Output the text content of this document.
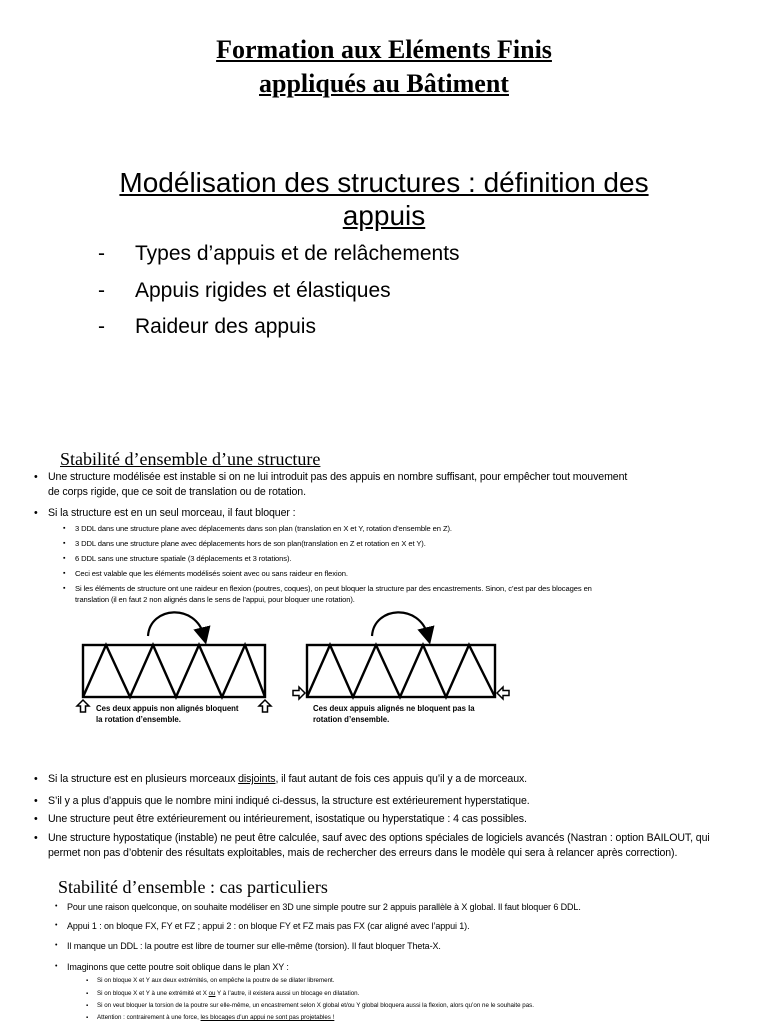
Formation aux Eléments Finis
appliqués au Bâtiment
Modélisation des structures : définition des
appuis
- Types d’appuis et de relâchements
- Appuis rigides et élastiques
- Raideur des appuis
Stabilité d’ensemble d’une structure
• Une structure modélisée est instable si on ne lui introduit pas des appuis en nombre suffisant, pour empêcher tout mouvement
de corps rigide, que ce soit de translation ou de rotation.
• Si la structure est en un seul morceau, il faut bloquer :
▪ 3 DDL dans une structure plane avec déplacements dans son plan (translation en X et Y, rotation d’ensemble en Z).
▪ 3 DDL dans une structure plane avec déplacements hors de son plan(translation en Z et rotation en X et Y).
▪ 6 DDL sans une structure spatiale (3 déplacements et 3 rotations).
▪ Ceci est valable que les éléments modélisés soient avec ou sans raideur en flexion.
▪ Si les éléments de structure ont une raideur en flexion (poutres, coques), on peut bloquer la structure par des encastrements. Sinon, c’est par des blocages en
translation (il en faut 2 non alignés dans le sens de l’appui, pour bloquer une rotation).
Ces deux appuis non alignés bloquent
la rotation d’ensemble.
Ces deux appuis alignés ne bloquent pas la
rotation d’ensemble.
• Si la structure est en plusieurs morceaux disjoints, il faut autant de fois ces appuis qu’il y a de morceaux.
• S’il y a plus d’appuis que le nombre mini indiqué ci-dessus, la structure est extérieurement hyperstatique.
• Une structure peut être extérieurement ou intérieurement, isostatique ou hyperstatique : 4 cas possibles.
• Une structure hypostatique (instable) ne peut être calculée, sauf avec des options spéciales de logiciels avancés (Nastran : option BAILOUT, qui
permet non pas d’obtenir des résultats exploitables, mais de rechercher des erreurs dans le modèle qui sera à relancer après correction).
Stabilité d’ensemble : cas particuliers
• Pour une raison quelconque, on souhaite modéliser en 3D une simple poutre sur 2 appuis parallèle à X global. Il faut bloquer 6 DDL.
• Appui 1 : on bloque FX, FY et FZ ; appui 2 : on bloque FY et FZ mais pas FX (car aligné avec l’appui 1).
• Il manque un DDL : la poutre est libre de tourner sur elle-même (torsion). Il faut bloquer Theta-X.
• Imaginons que cette poutre soit oblique dans le plan XY :
▪ Si on bloque X et Y aux deux extrémités, on empêche la poutre de se dilater librement.
▪ Si on bloque X et Y à une extrémité et X ou Y à l’autre, il existera aussi un blocage en dilatation.
▪ Si on veut bloquer la torsion de la poutre sur elle-même, un encastrement selon X global et/ou Y global bloquera aussi la flexion, alors qu’on ne le souhaite pas.
▪ Attention : contrairement à une force, les blocages d’un appui ne sont pas projetables !
